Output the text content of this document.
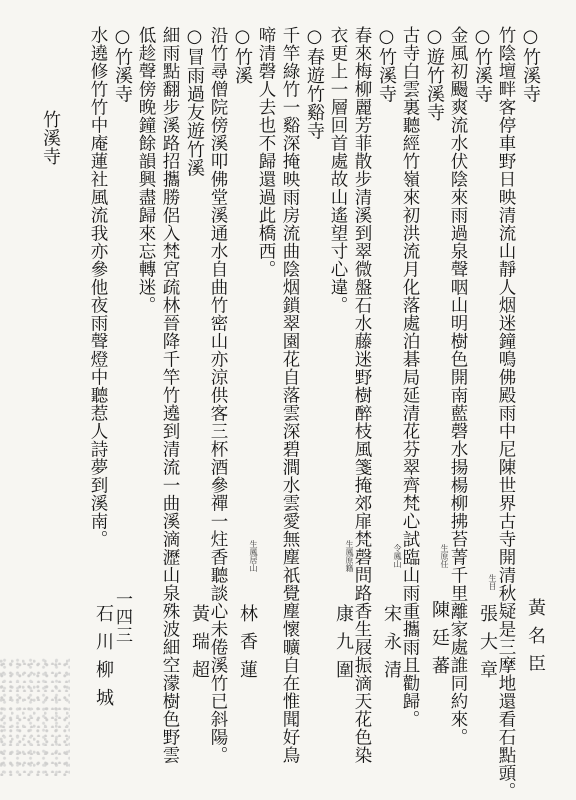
○竹溪寺
竹陰壇畔客停車野日映清流山靜人烟迷鐘鳴佛殿雨中尼陳世界古寺開清秋疑是三摩地還看石點頭。
○竹溪寺
金風初颺爽流水伏陰來雨過泉聲咽山明樹色開南藍磬水揚楊柳拂苔菁千里離家處誰同約來。
○遊竹溪寺
古寺白雲裏聽經竹嶺來初洪流月化落處泊碁局延清花芬翠齊梵心試臨山雨重攜雨且勸歸。
○竹溪寺
春來梅柳麗芳菲散步清溪到翠微盤石水藤迷野樹醉枝風箋掩郊扉梵磬問路香生屐振滴天花色染
衣更上一層回首處故山遙望寸心違。
○春遊竹谿寺
千竿綠竹一谿深掩映雨房流曲陰烟鎖翠園花自落雲深碧澗水雲愛無塵祇覺塵懷曠自在惟聞好鳥
啼清磬人去也不歸還過此橋西。
○竹溪
沿竹尋僧院傍溪叩佛堂溪通水自曲竹密山亦涼供客三杯酒參禪一炷香聽談心未倦溪竹已斜陽。
○冒雨過友遊竹溪
細雨點翻步溪路招攜勝侶入梵宮疏林晉降千竿竹遶到清流一曲溪滴瀝山泉殊波細空濛樹色野雲
低趁聲傍晚鐘餘韻興盡歸來忘轉迷。
○竹溪寺
水遶修竹竹中庵蓮社風流我亦參他夜雨聲燈中聽惹人詩夢到溪南。
竹溪寺
黃名臣
張大章
生目
陳廷蕃
生原任
宋永清
令鳳山
康九圍
生鳳原籍
林香蓮
生鳳居山
黃瑞超
石川柳城
一四三
